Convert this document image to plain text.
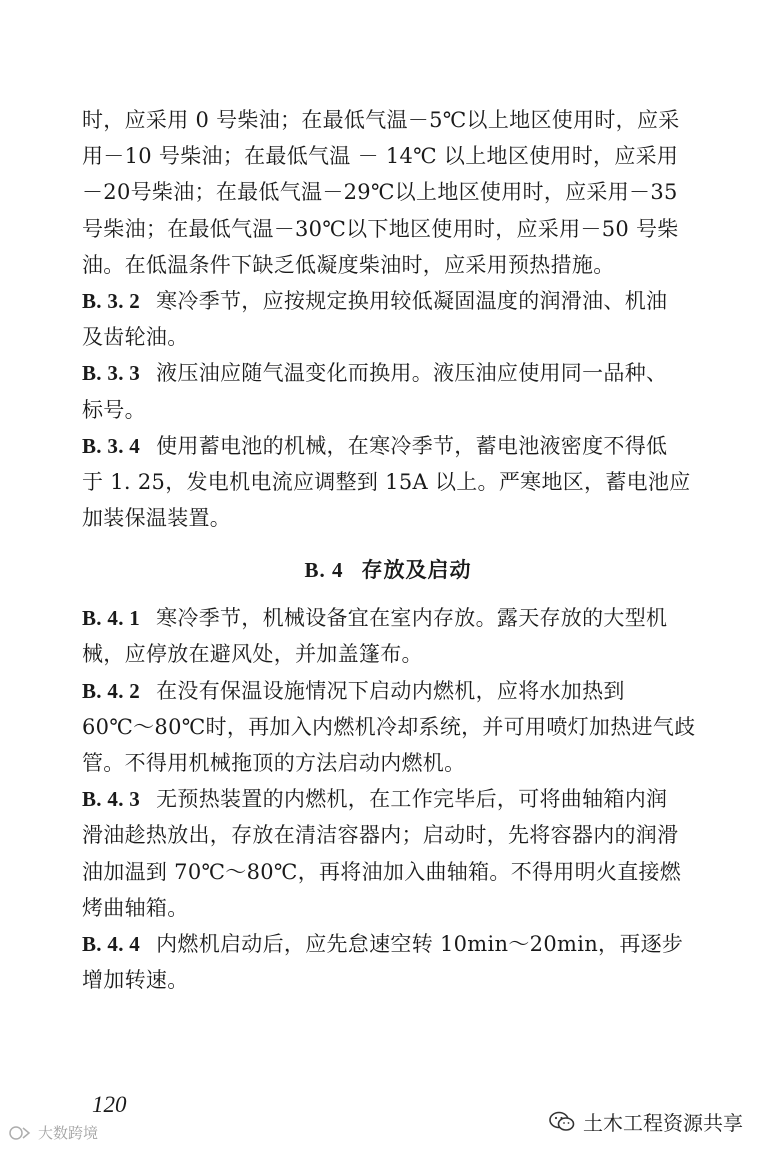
时，应采用 0 号柴油；在最低气温－5℃以上地区使用时，应采
用－10 号柴油；在最低气温 － 14℃ 以上地区使用时，应采用
－20号柴油；在最低气温－29℃以上地区使用时，应采用－35
号柴油；在最低气温－30℃以下地区使用时，应采用－50 号柴
油。在低温条件下缺乏低凝度柴油时，应采用预热措施。
B. 3. 2 寒冷季节，应按规定换用较低凝固温度的润滑油、机油
及齿轮油。
B. 3. 3 液压油应随气温变化而换用。液压油应使用同一品种、
标号。
B. 3. 4 使用蓄电池的机械，在寒冷季节，蓄电池液密度不得低
于 1. 25，发电机电流应调整到 15A 以上。严寒地区，蓄电池应
加装保温装置。
B. 4 存放及启动
B. 4. 1 寒冷季节，机械设备宜在室内存放。露天存放的大型机
械，应停放在避风处，并加盖篷布。
B. 4. 2 在没有保温设施情况下启动内燃机，应将水加热到
60℃～80℃时，再加入内燃机冷却系统，并可用喷灯加热进气歧
管。不得用机械拖顶的方法启动内燃机。
B. 4. 3 无预热装置的内燃机，在工作完毕后，可将曲轴箱内润
滑油趁热放出，存放在清洁容器内；启动时，先将容器内的润滑
油加温到 70℃～80℃，再将油加入曲轴箱。不得用明火直接燃
烤曲轴箱。
B. 4. 4 内燃机启动后，应先怠速空转 10min～20min，再逐步
增加转速。
120
土木工程资源共享
大数跨境
